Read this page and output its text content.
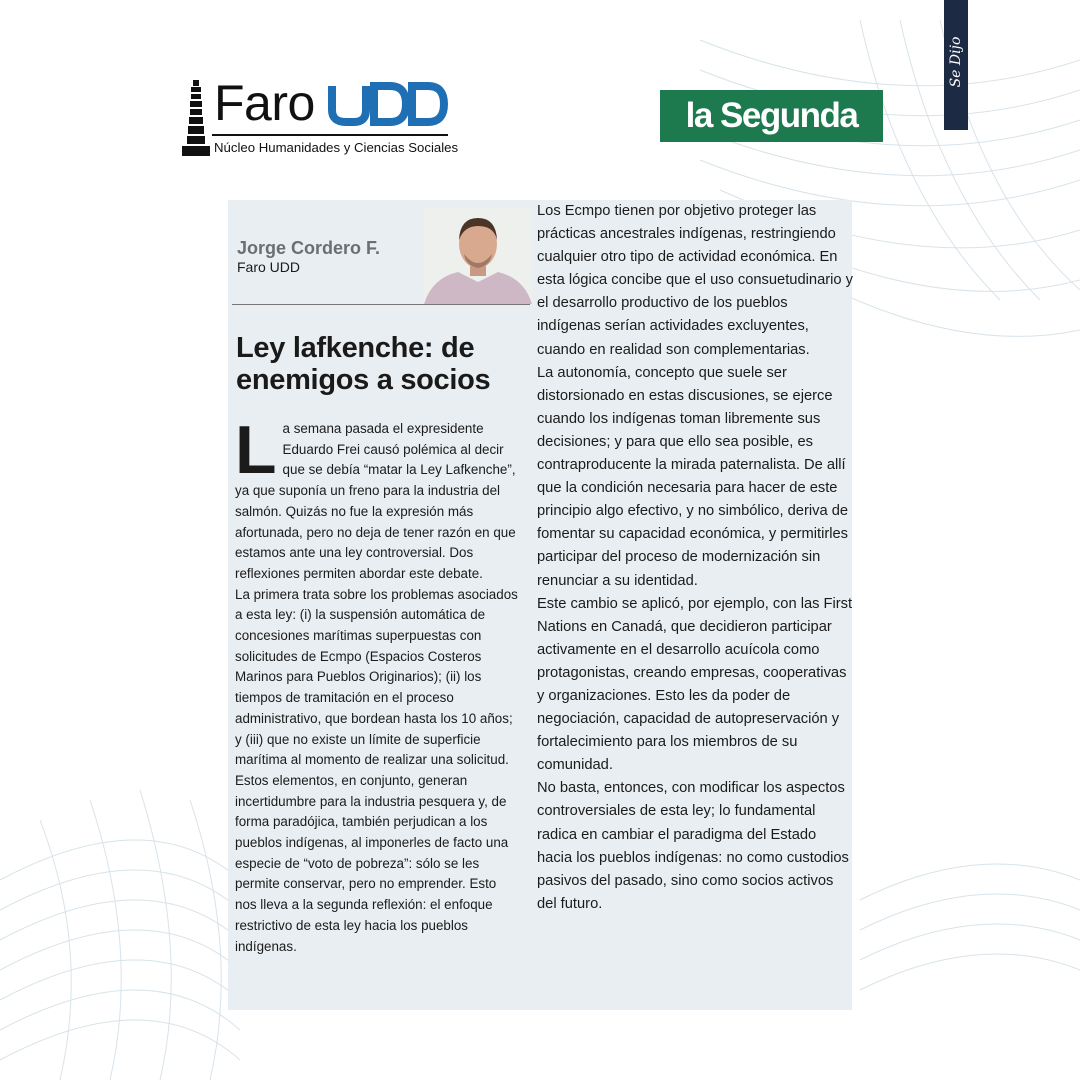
Se Dijo
Faro
Núcleo Humanidades y Ciencias Sociales
la Segunda
Jorge Cordero F.
Faro UDD
Ley lafkenche: de enemigos a socios
L a semana pasada el expresidente Eduardo Frei causó polémica al decir que se debía “matar la Ley Lafkenche”, ya que suponía un freno para la industria del salmón. Quizás no fue la expresión más afortunada, pero no deja de tener razón en que estamos ante una ley controversial. Dos reflexiones permiten abordar este debate.

La primera trata sobre los problemas asociados a esta ley: (i) la suspensión automática de concesiones marítimas superpuestas con solicitudes de Ecmpo (Espacios Costeros Marinos para Pueblos Originarios); (ii) los tiempos de tramitación en el proceso administrativo, que bordean hasta los 10 años; y (iii) que no existe un límite de superficie marítima al momento de realizar una solicitud.

Estos elementos, en conjunto, generan incertidumbre para la industria pesquera y, de forma paradójica, también perjudican a los pueblos indígenas, al imponerles de facto una especie de “voto de pobreza”: sólo se les permite conservar, pero no emprender. Esto nos lleva a la segunda reflexión: el enfoque restrictivo de esta ley hacia los pueblos indígenas.

Los Ecmpo tienen por objetivo proteger las prácticas ancestrales indígenas, restringiendo cualquier otro tipo de actividad económica. En esta lógica concibe que el uso consuetudinario y el desarrollo productivo de los pueblos indígenas serían actividades excluyentes, cuando en realidad son complementarias.

La autonomía, concepto que suele ser distorsionado en estas discusiones, se ejerce cuando los indígenas toman libremente sus decisiones; y para que ello sea posible, es contraproducente la mirada paternalista. De allí que la condición necesaria para hacer de este principio algo efectivo, y no simbólico, deriva de fomentar su capacidad económica, y permitirles participar del proceso de modernización sin renunciar a su identidad.

Este cambio se aplicó, por ejemplo, con las First Nations en Canadá, que decidieron participar activamente en el desarrollo acuícola como protagonistas, creando empresas, cooperativas y organizaciones. Esto les da poder de negociación, capacidad de autopreservación y fortalecimiento para los miembros de su comunidad.

No basta, entonces, con modificar los aspectos controversiales de esta ley; lo fundamental radica en cambiar el paradigma del Estado hacia los pueblos indígenas: no como custodios pasivos del pasado, sino como socios activos del futuro.
